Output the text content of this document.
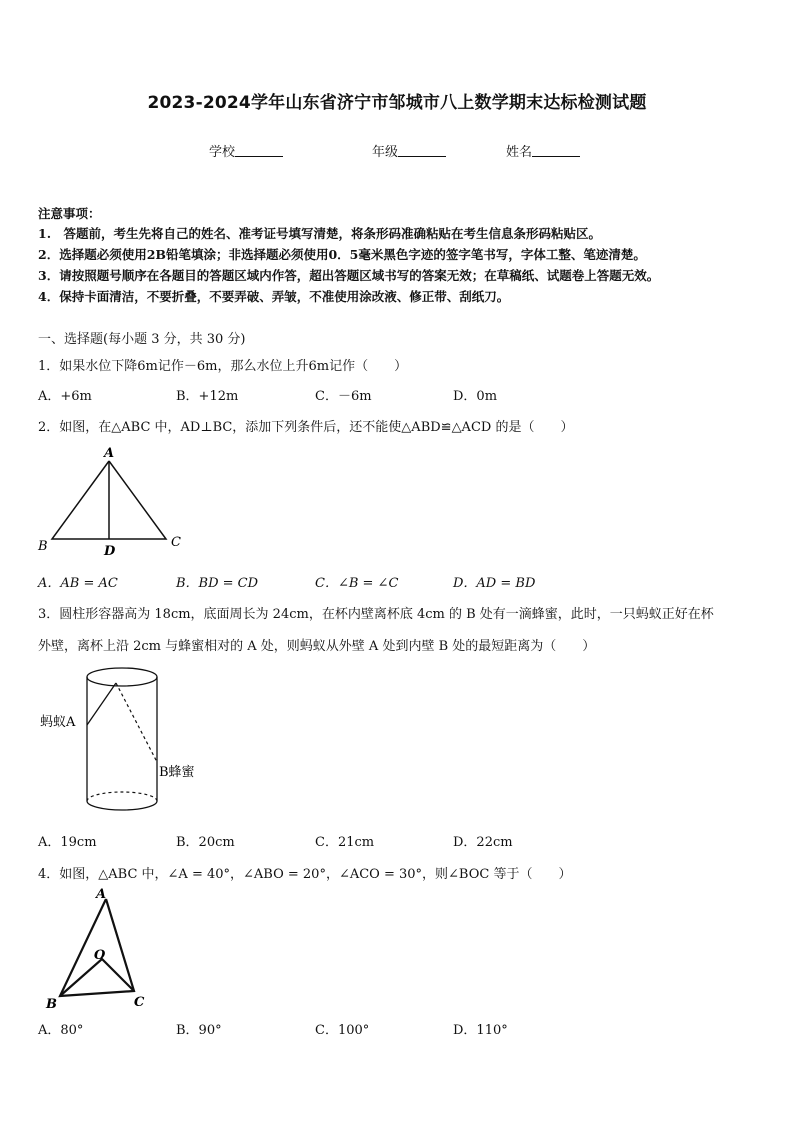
2023-2024学年山东省济宁市邹城市八上数学期末达标检测试题
学校	年级	姓名
注意事项：
1.　答题前，考生先将自己的姓名、准考证号填写清楚，将条形码准确粘贴在考生信息条形码粘贴区。
2．选择题必须使用2B铅笔填涂；非选择题必须使用0．5毫米黑色字迹的签字笔书写，字体工整、笔迹清楚。
3．请按照题号顺序在各题目的答题区域内作答，超出答题区域书写的答案无效；在草稿纸、试题卷上答题无效。
4．保持卡面清洁，不要折叠，不要弄破、弄皱，不准使用涂改液、修正带、刮纸刀。
一、选择题(每小题 3 分，共 30 分)
1．如果水位下降6m记作－6m，那么水位上升6m记作（　　）
A．+6m	B．+12m	C．－6m	D．0m
2．如图，在△ABC 中，AD⊥BC，添加下列条件后，还不能使△ABD≌△ACD 的是（　　）
A
B	D
C
A．AB = AC	B．BD = CD	C．∠B = ∠C	D．AD = BD
3．圆柱形容器高为 18cm，底面周长为 24cm，在杯内壁离杯底 4cm 的 B 处有一滴蜂蜜，此时，一只蚂蚁正好在杯
外壁，离杯上沿 2cm 与蜂蜜相对的 A 处，则蚂蚁从外壁 A 处到内壁 B 处的最短距离为（　　）
蚂蚁A
B蜂蜜
A．19cm	B．20cm	C．21cm	D．22cm
4．如图，△ABC 中，∠A = 40°，∠ABO = 20°，∠ACO = 30°，则∠BOC 等于（　　）
A
O
B	C
A．80°	B．90°	C．100°	D．110°
